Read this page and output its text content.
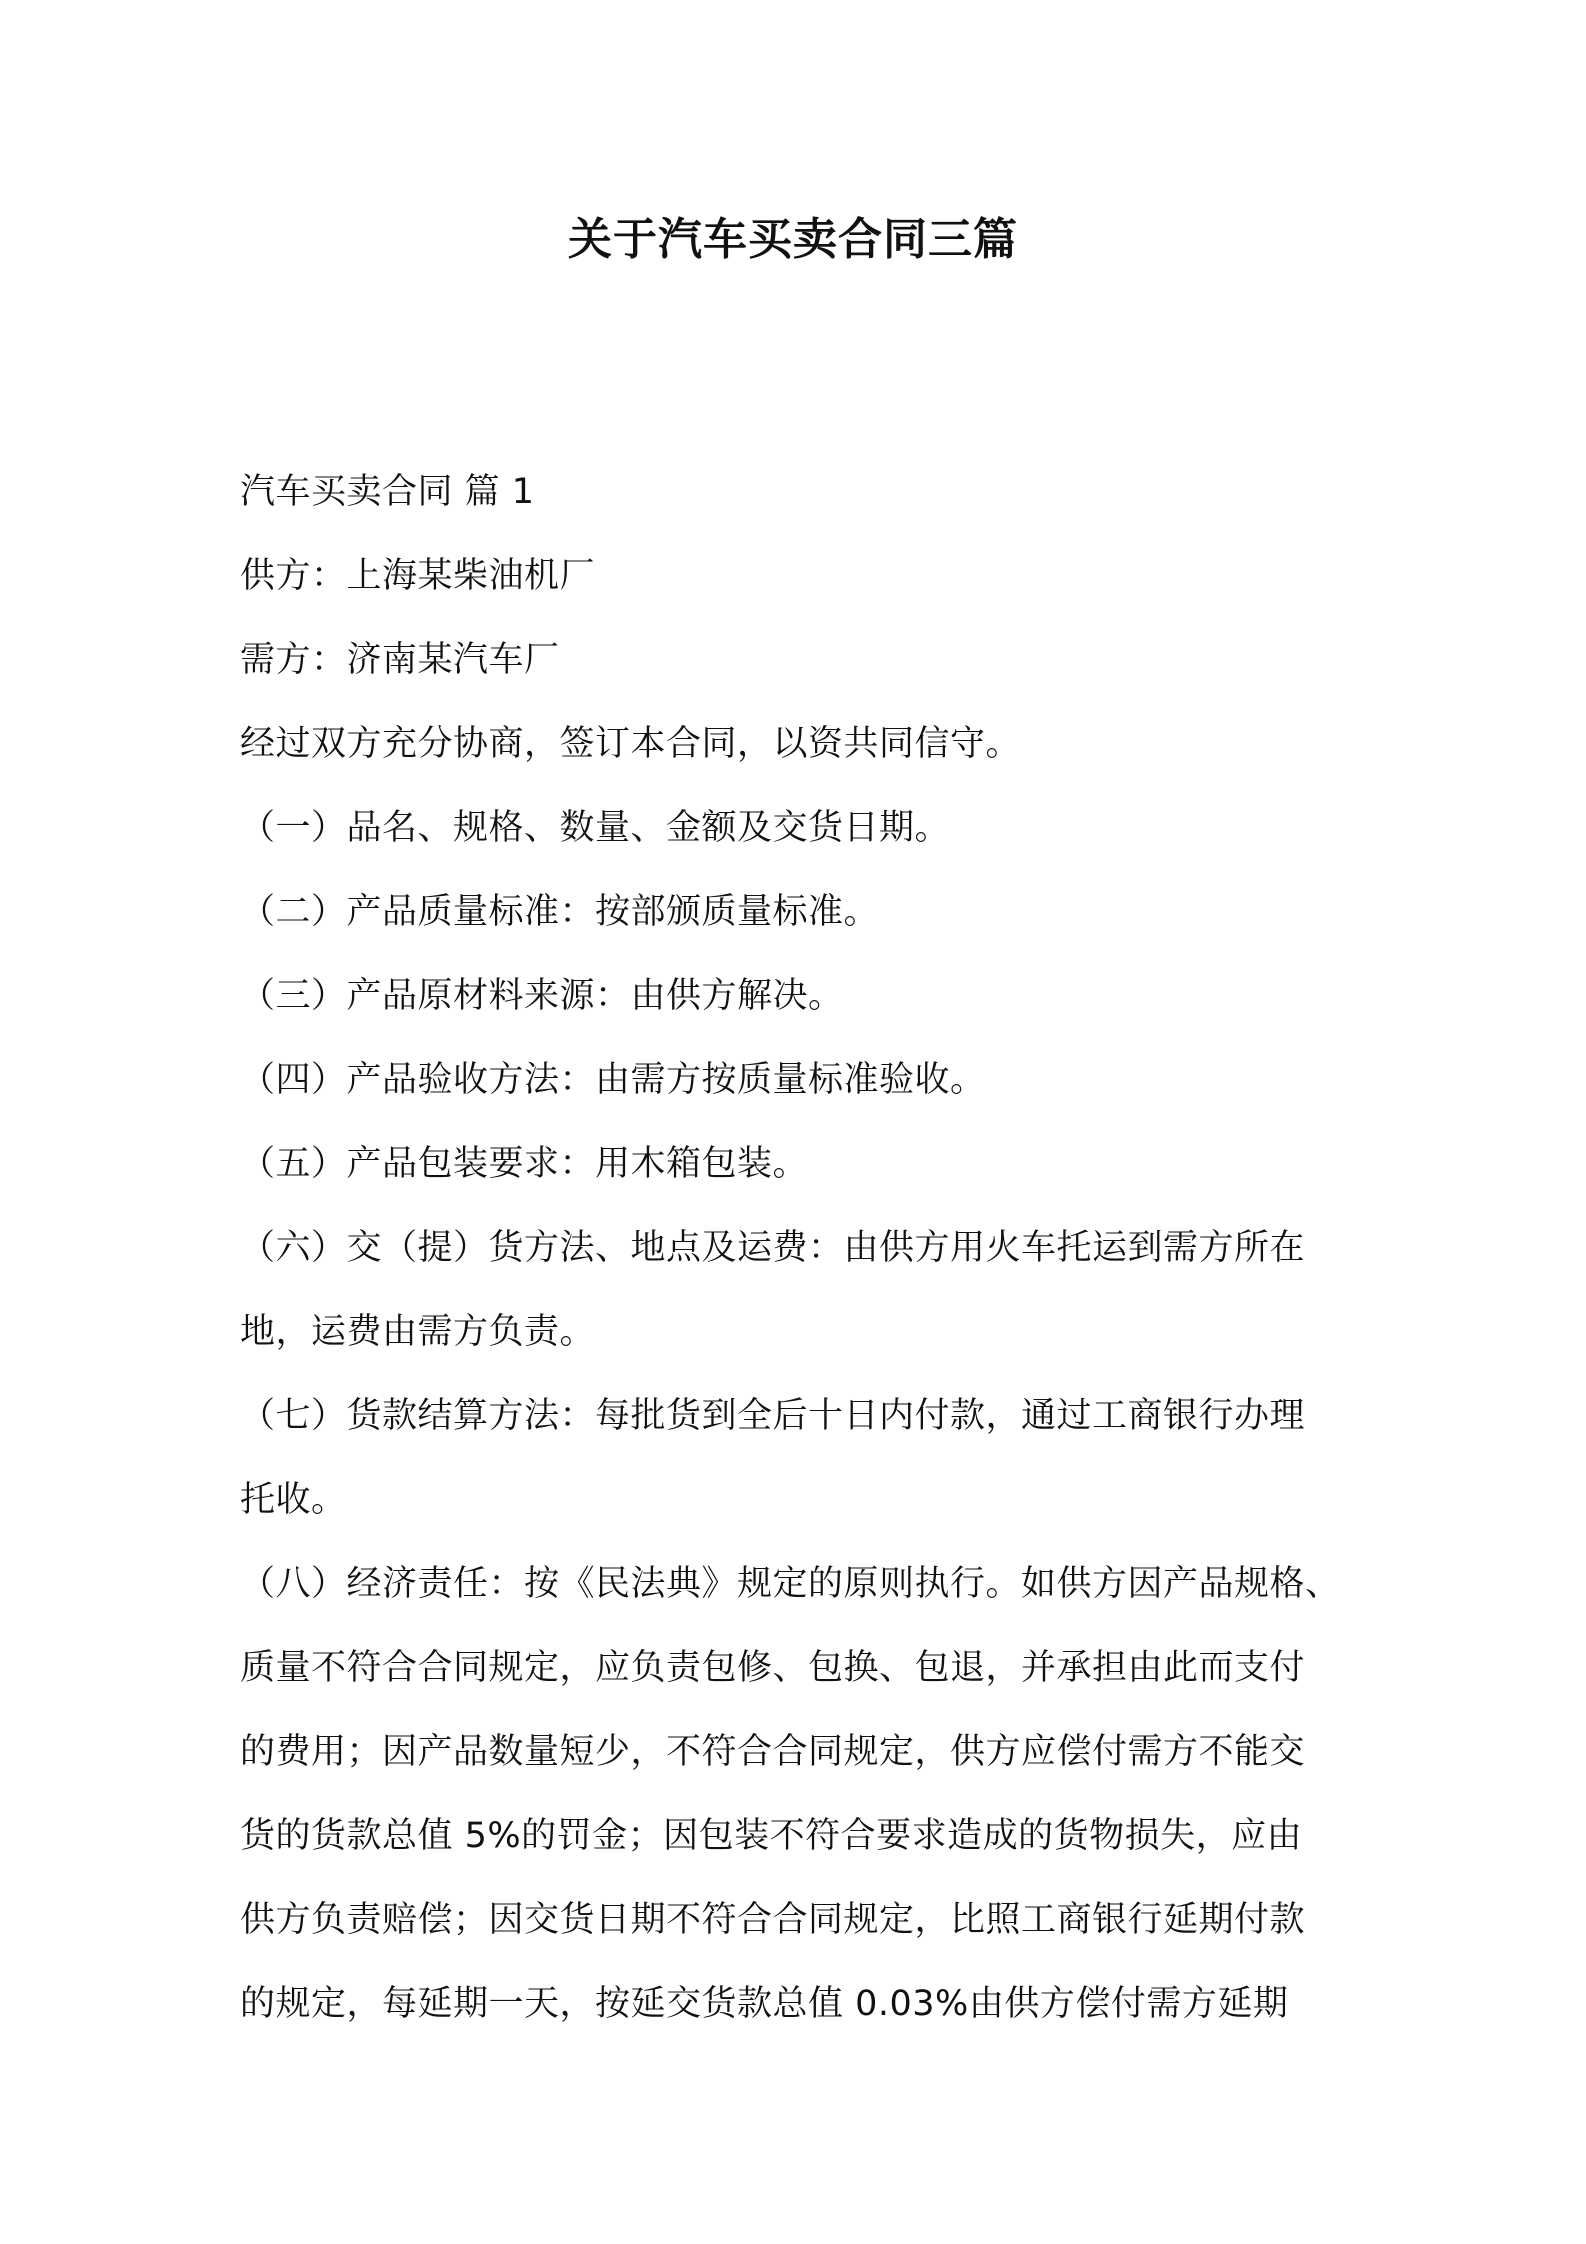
关于汽车买卖合同三篇
汽车买卖合同 篇 1
供方：上海某柴油机厂
需方：济南某汽车厂
经过双方充分协商，签订本合同，以资共同信守。
（一）品名、规格、数量、金额及交货日期。
（二）产品质量标准：按部颁质量标准。
（三）产品原材料来源：由供方解决。
（四）产品验收方法：由需方按质量标准验收。
（五）产品包装要求：用木箱包装。
（六）交（提）货方法、地点及运费：由供方用火车托运到需方所在
地，运费由需方负责。
（七）货款结算方法：每批货到全后十日内付款，通过工商银行办理
托收。
（八）经济责任：按《民法典》规定的原则执行。如供方因产品规格、
质量不符合合同规定，应负责包修、包换、包退，并承担由此而支付
的费用；因产品数量短少，不符合合同规定，供方应偿付需方不能交
货的货款总值 5%的罚金；因包装不符合要求造成的货物损失，应由
供方负责赔偿；因交货日期不符合合同规定，比照工商银行延期付款
的规定，每延期一天，按延交货款总值 0.03%由供方偿付需方延期
